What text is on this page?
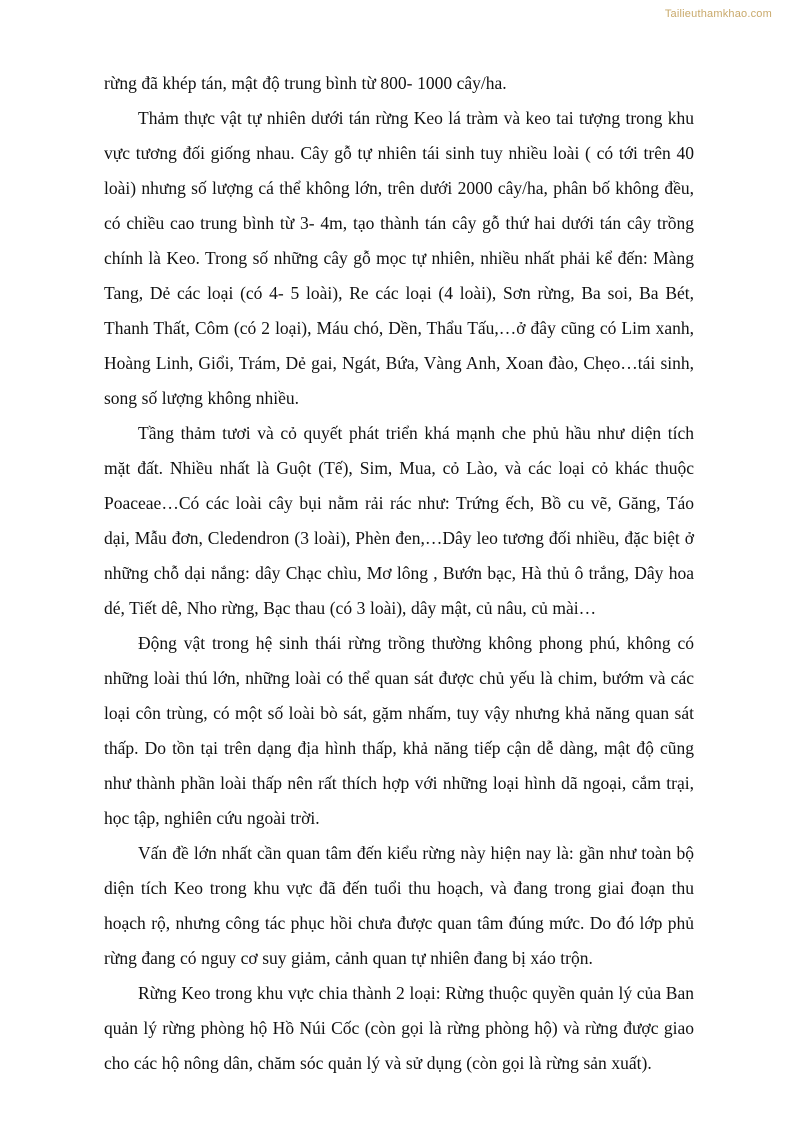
Tailieuthamkhao.com

rừng đã khép tán, mật độ trung bình từ 800- 1000 cây/ha.

Thảm thực vật tự nhiên dưới tán rừng Keo lá tràm và keo tai tượng trong khu vực tương đối giống nhau. Cây gỗ tự nhiên tái sinh tuy nhiều loài ( có tới trên 40 loài) nhưng số lượng cá thể không lớn, trên dưới 2000 cây/ha, phân bố không đều, có chiều cao trung bình từ 3- 4m, tạo thành tán cây gỗ thứ hai dưới tán cây trồng chính là Keo. Trong số những cây gỗ mọc tự nhiên, nhiều nhất phải kể đến: Màng Tang, Dẻ các loại (có 4- 5 loài), Re các loại (4 loài), Sơn rừng, Ba soi, Ba Bét, Thanh Thất, Côm (có 2 loại), Máu chó, Dền, Thẩu Tấu,…ở đây cũng có Lim xanh, Hoàng Linh, Giổi, Trám, Dẻ gai, Ngát, Bứa, Vàng Anh, Xoan đào, Chẹo…tái sinh, song số lượng không nhiều.

Tầng thảm tươi và cỏ quyết phát triển khá mạnh che phủ hầu như diện tích mặt đất. Nhiều nhất là Guột (Tế), Sim, Mua, cỏ Lào, và các loại cỏ khác thuộc Poaceae…Có các loài cây bụi nằm rải rác như: Trứng ếch, Bồ cu vẽ, Găng, Táo dại, Mẫu đơn, Cledendron (3 loài), Phèn đen,…Dây leo tương đối nhiều, đặc biệt ở những chỗ dại nắng: dây Chạc chìu, Mơ lông , Bướn bạc, Hà thủ ô trắng, Dây hoa dé, Tiết dê, Nho rừng, Bạc thau (có 3 loài), dây mật, củ nâu, củ mài…

Động vật trong hệ sinh thái rừng trồng thường không phong phú, không có những loài thú lớn, những loài có thể quan sát được chủ yếu là chim, bướm và các loại côn trùng, có một số loài bò sát, gặm nhấm, tuy vậy nhưng khả năng quan sát thấp. Do tồn tại trên dạng địa hình thấp, khả năng tiếp cận dễ dàng, mật độ cũng như thành phần loài thấp nên rất thích hợp với những loại hình dã ngoại, cắm trại, học tập, nghiên cứu ngoài trời.

Vấn đề lớn nhất cần quan tâm đến kiểu rừng này hiện nay là: gần như toàn bộ diện tích Keo trong khu vực đã đến tuổi thu hoạch, và đang trong giai đoạn thu hoạch rộ, nhưng công tác phục hồi chưa được quan tâm đúng mức. Do đó lớp phủ rừng đang có nguy cơ suy giảm, cảnh quan tự nhiên đang bị xáo trộn.

Rừng Keo trong khu vực chia thành 2 loại: Rừng thuộc quyền quản lý của Ban quản lý rừng phòng hộ Hồ Núi Cốc (còn gọi là rừng phòng hộ) và rừng được giao cho các hộ nông dân, chăm sóc quản lý và sử dụng (còn gọi là rừng sản xuất).
